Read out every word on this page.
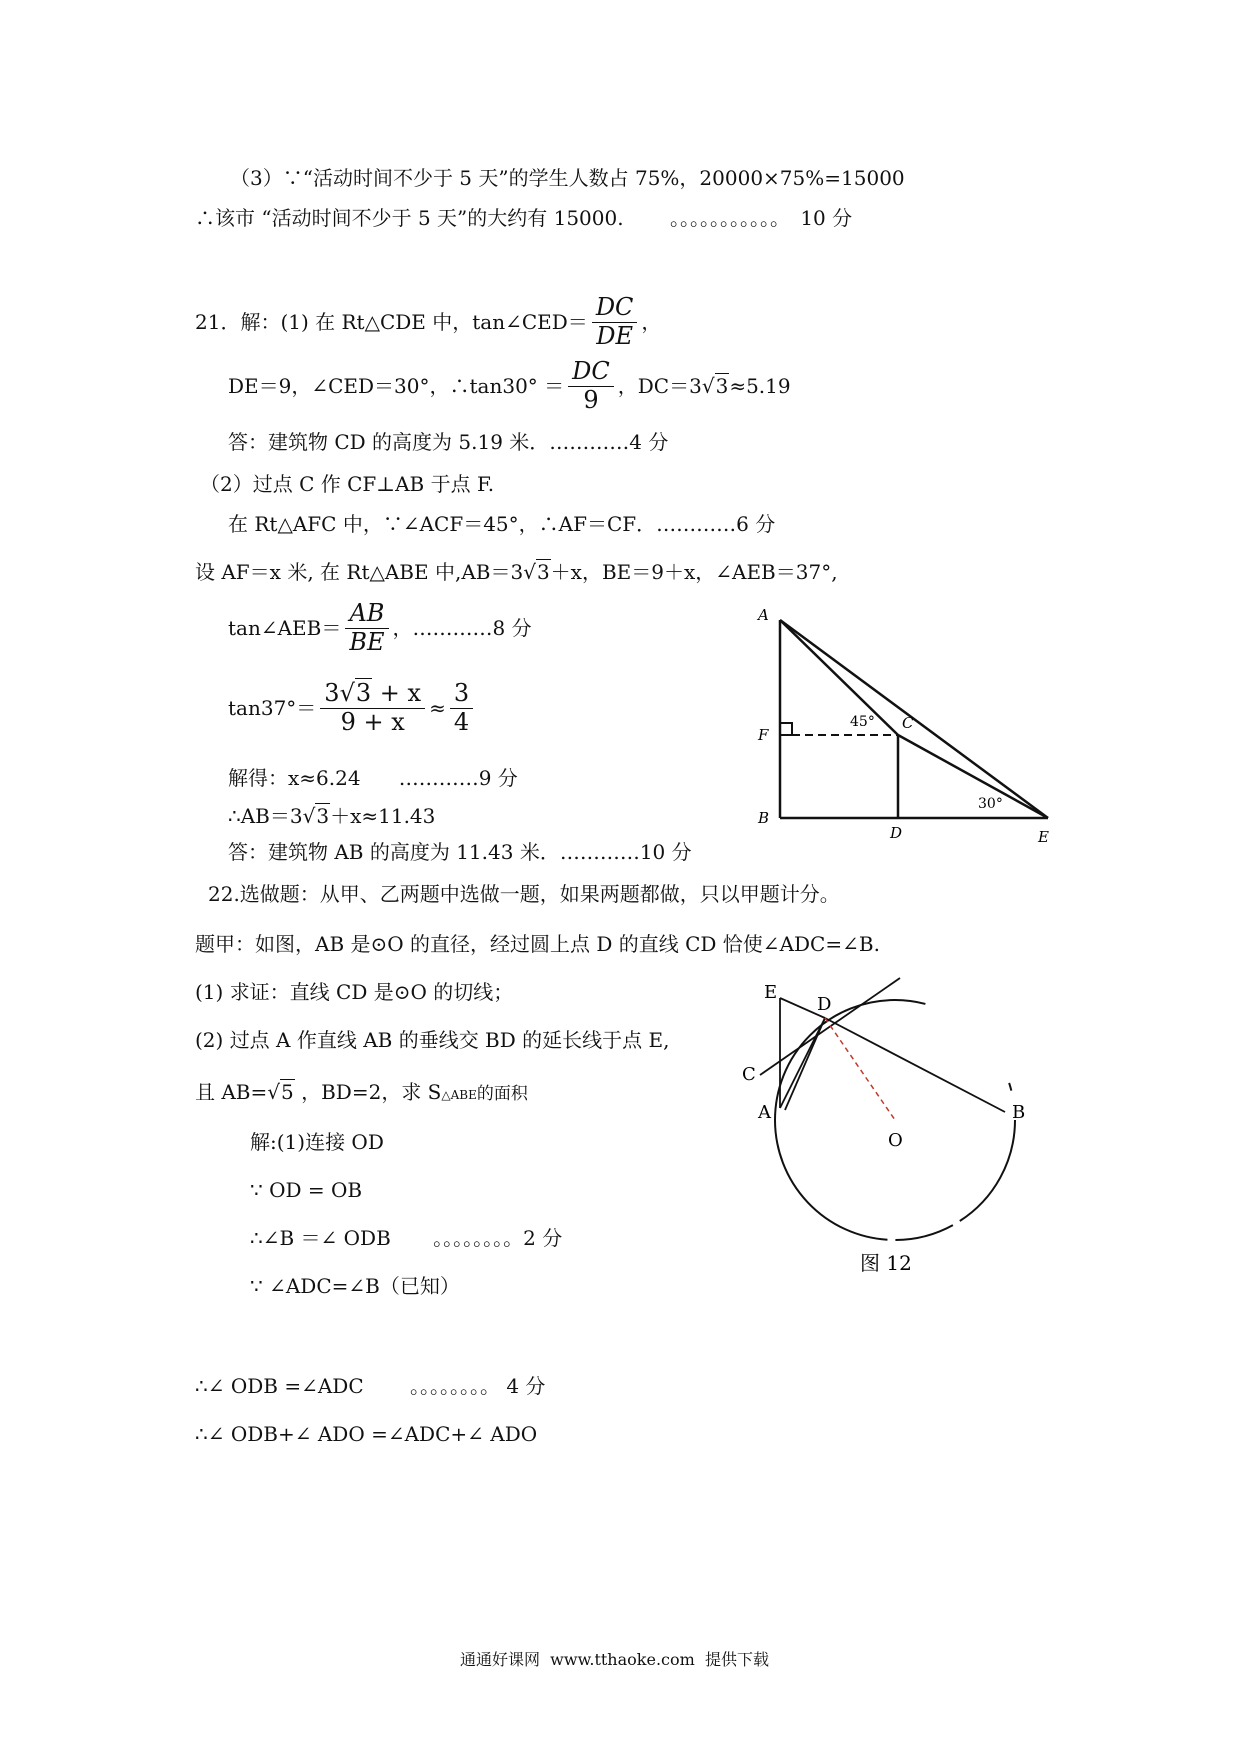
（3）∵“活动时间不少于 5 天”的学生人数占 75%，20000×75%=15000
∴该市 “活动时间不少于 5 天”的大约有 15000. 。。。。。。。。。。。 10 分
21．解：(1) 在 Rt△CDE 中，tan∠CED＝ $\frac{DC}{DE}$ ，
DE＝9，∠CED＝30°，∴tan30° ＝ $\frac{DC}{9}$ ，DC＝3√3≈5.19
答：建筑物 CD 的高度为 5.19 米．…………4 分
（2）过点 C 作 CF⊥AB 于点 F.
在 Rt△AFC 中，∵∠ACF＝45°，∴AF＝CF．…………6 分
设 AF＝x 米, 在 Rt△ABE 中,AB＝3√3＋x，BE＝9＋x，∠AEB＝37°,
tan∠AEB＝ $\frac{AB}{BE}$ ，…………8 分
$\tan 37^\circ= \frac{3√3 + x}{9 + x} \approx \frac{3}{4}$
解得：x≈6.24      …………9 分
∴AB＝3√3＋x≈11.43
答：建筑物 AB 的高度为 11.43 米．…………10 分
A
F
B
C
D	E
45°
30°
22.选做题：从甲、乙两题中选做一题，如果两题都做，只以甲题计分。
题甲：如图，AB 是⊙O 的直径，经过圆上点 D 的直线 CD 恰使∠ADC=∠B.
(1) 求证：直线 CD 是⊙O 的切线；
(2) 过点 A 作直线 AB 的垂线交 BD 的延长线于点 E,
且 AB=√5 ，BD=2，求 S△ABE的面积
解:(1)连接 OD
∵ OD = OB
∴∠B ＝∠ ODB 。。。。。。。。2 分
∵ ∠ADC=∠B（已知）
∴∠ ODB =∠ADC 。。。。。。。。 4 分
∴∠ ODB+∠ ADO =∠ADC+∠ ADO
E
D
C
A
O
B
图 12
通通好课网  www.tthaoke.com  提供下载
